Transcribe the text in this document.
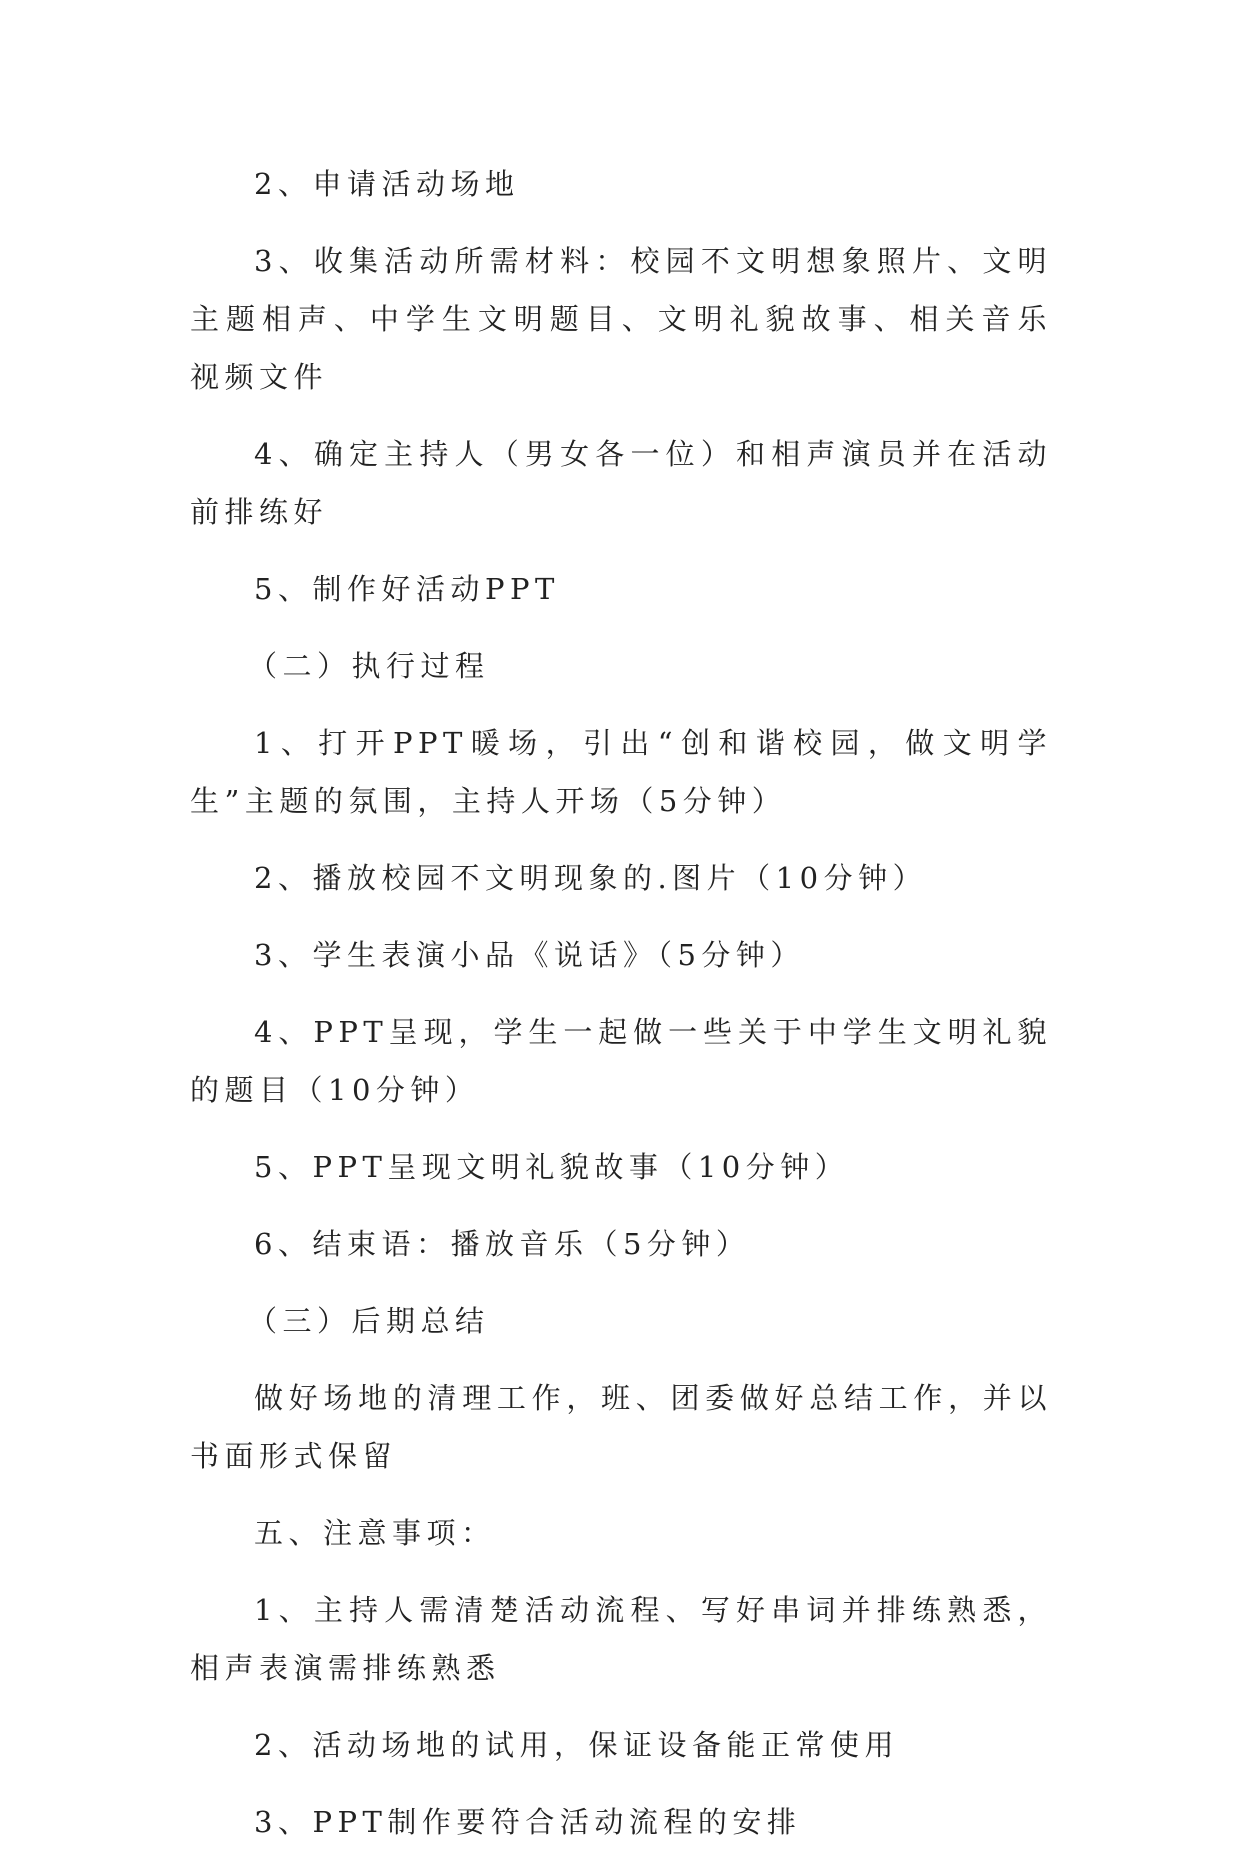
2、申请活动场地

3、收集活动所需材料：校园不文明想象照片、文明主题相声、中学生文明题目、文明礼貌故事、相关音乐视频文件

4、确定主持人（男女各一位）和相声演员并在活动前排练好

5、制作好活动PPT

（二）执行过程

1、打开PPT暖场，引出“创和谐校园，做文明学生”主题的氛围，主持人开场（5分钟）

2、播放校园不文明现象的.图片（10分钟）

3、学生表演小品《说话》（5分钟）

4、PPT呈现，学生一起做一些关于中学生文明礼貌的题目（10分钟）

5、PPT呈现文明礼貌故事（10分钟）

6、结束语：播放音乐（5分钟）

（三）后期总结

做好场地的清理工作，班、团委做好总结工作，并以书面形式保留

五、注意事项：

1、主持人需清楚活动流程、写好串词并排练熟悉，相声表演需排练熟悉

2、活动场地的试用，保证设备能正常使用

3、PPT制作要符合活动流程的安排
